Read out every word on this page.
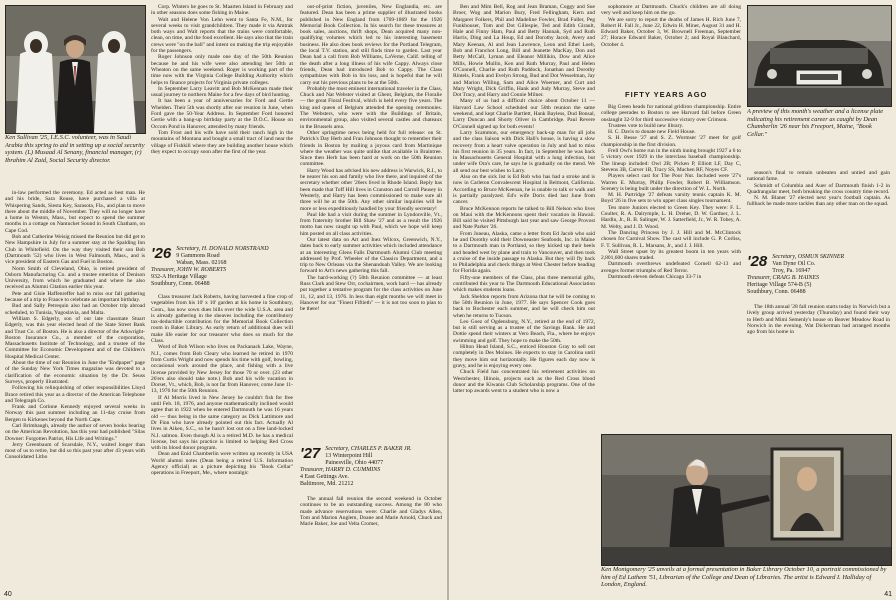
Ken Sullivan '25, I.E.S.C. volunteer, was in Saudi Arabia this spring to aid in setting up a social security system. (L) Musaad Al Senany, financial manager, (r) Ibrahim Al Zaid, Social Security director.

in-law performed the ceremony. Ed acted as best man. He and his bride, Sara Rouse, have purchased a villa at Whispering Sands, Siesta Key, Sarasota, Fla., and plan to move there about the middle of November. They will no longer have a home in Weston, Mass., but expect to spend the summer months in a cottage on Nantucket Sound in South Chatham, on Cape Cod.

Bob and Catherine Weisig missed the Reunion but did get to New Hampshire in July for a summer stay at the Spalding Inn Club in Whitefield. On the way they visited their son Bob (Dartmouth '52) who lives in West Falmouth, Mass., and is vice president of Eastern Gas and Fuel in Boston.

Norm Smith of Cleveland, Ohio, is retired president of Osborn Manufacturing Co. and a trustee emeritus of Denison University, from which he graduated and where he also received an Alumni Citation earlier this year.

Pete and Gisie Haffenreffer had to miss our fall gathering because of a trip to France to celebrate an important birthday.

Bud and Sally Petrequin also had an October trip abroad scheduled, to Tunisia, Yugoslavia, and Malta.

William S. Edgerly, son of our late classmate Stuart Edgerly, was this year elected head of the State Street Bank and Trust Co. of Boston. He is also a director of the Arkwright-Boston Insurance Co., a member of the corporation, Massachusetts Institute of Technology, and a trustee of the Committee for Economic Development and of the Children's Hospital Medical Center.

About the time of our Reunion in June the "Endpaper" page of the Sunday New York Times magazine was devoted to a clarification of the economic situation by the Dr. Seuss Surveys, properly illustrated.

Following his relinquishing of other responsibilities Lloyd Brace retired this year as a director of the American Telephone and Telegraph Co.

Frank and Corinne Kennedy enjoyed several weeks in Norway this past summer including an 11-day cruise from Bergen to Kirkenes beyond the North Cape.

Carl Brimbaugh, already the author of seven books bearing on the American Revolution, has this year had published "Silas Downer: Forgotten Patriot, His Life and Writings."

Jerry Greenbaum of Scarsdale, N.Y., waited longer than most of us to retire, but did so this past year after 43 years with Consolidated Litho

Corp. Winters he goes to St. Maarten Island in February and in other seasons does some fishing in Maine.

Walt and Helene Von Lehn went to Santa Fe, N.M., for several weeks to visit grandchildren. They made it via Amtrak both ways and Walt reports that the trains were comfortable, clean, on time, and the food excellent. He says also that the train crews were "on the ball" and intent on making the trip enjoyable for the passengers.

Roger Johnson only made one day of the 50th Reunion because he and his wife were also attending her 50th at Wheaton on the same weekend. Roger is working part of the time now with the Virginia College Building Authority which helps to finance projects for Virginia private colleges.

In September Larry Leavitt and Bob McKennan made their usual journey to northern Maine for a few days of bird hunting.

It has been a year of anniversaries for Ford and Gertie Whelden. Their 5th was shortly after our reunion in June, when Ford gave the 50-Year Address. In September Ford honored Gertie with a bang-up birthday party at the D.O.C. House on Occom Pond in Hanover, attended by many friends.

Tom Frost and his wife have sold their ranch high in the mountains of Montana and bought a small tract of land near the village of Fishkill where they are building another house which they expect to occupy soon after the first of the year.

'26 Secretary, H. DONALD NORSTRAND
9 Gammons Road
Waban, Mass. 02168
Treasurer, JOHN W. ROBERTS
932-A Heritage Village
Southbury, Conn. 06488

Class treasurer Jack Roberts, having harvested a fine crop of vegetables from his 10' x 10' garden at his home in Southbury, Conn., has now sown dues bills over the wide U.S.A. area and is already gathering in the sheaves including the contributory tax-deductible contribution for the Memorial Book Collection room in Baker Library. As early return of additional dues will make life easier for our treasurer who does so much for the Class.

Word of Bob Wilson who lives on Packanack Lake, Wayne, N.J., comes from Bob Cleary who learned he retired in 1970 from Curtis Wright and now spends his time with golf, bowling, occasional work around the place, and fishing with a live license provided by New Jersey for those 70 or over. (23 other 26'ers also should take note.) Bob and his wife vacation in Dorset, Vt., which, Bob, is not far from Hanover, come June 11-13, 1976 for the 50th Reunion.

If Al Morris lived in New Jersey he couldn't fish for free until Feb. 18, 1976, and anyone mathematically inclined would agree that in 1922 when he entered Dartmouth he was 16 years old — thus being in the same category as Dick Lattimore and Dr Finn who have already pointed out this fact. Actually Al lives in Aiken, S.C., so he hasn't lost out on a free land-locked N.J. salmon. Even though Al is a retired M.D. he has a medical license, but says his practice is limited to helping Red Cross with its blood donor program.

Dean and Enid Chamberlin were written up recently in USA World alumni notes (Dean being a retired U.S. Information Agency official) as a picture depicting his "Book Cellar" operations in Freeport, Me., where nostalgic

out-of-print fiction, juveniles, New Englandia, etc. are featured. Dean has been a prime supplier of illustrated books published in New England from 1769-1869 for the 1926 Memorial Book Collection. In his search for these treasures at book sales, auctions, thrift shops, Dean acquired many non-qualifying volumes which led to his interesting basement business. He also does book reviews for the Portland Telegram, the local T.V. station, and still finds time to garden. Last year Dean had a call from Bob Williams, LaVerne, Calif. telling of the death after a long illness of his wife Cappy. Always close friends, Dean had introduced Bob to Cappy. The Class sympathizes with Bob in his loss, and is hopeful that he will carry out his previous plans to be at the 50th.

Probably the most eminent international traveler in the Class, Chuck and Nat Webster visited at Ghent, Belgium, the Floralie — the great Floral Festival, which is held every five years. The king and queen of Belgium attended the opening ceremonies. The Websters, who were with the Buildings of Britain, environmental group, also visited several castles and chateaux in the Brussels area.

Other springtime news being held for full release: on St. Patrick's Day Herb and Fran Johnson thought to remember their friends in Boston by mailing a joyous card from Martinique where the weather was quite unlike that available in Braintree. Since then Herb has been hard at work on the 50th Reunion committee.

Harry Wood has advised his new address is Warwick, R.I., to be nearer his son and family who live there, and inquired of the secretary whether other '26ers lived in Rhode Island. Reply has been made that Toff Hill lives in Cranston and Carroll Pausey in Westerly, and Harry has been commissioned to make sure all three will be at the 50th. Any other similar inquiries will be more or less expeditiously handled by your friendly secretary!

Paul Ide had a visit during the summer in Lyndonville, Vt., from fraternity brother Bill Shaw '27 and as a result the 1926 motto has now caught up with Paul, which we hope will keep him posted on all class activities.

Our latest data on Art and Inez Wilcox, Greenwich, N.Y., dates back to early summer activities which included attendance at an interesting Glens Falls Dartmouth Alumni Club meeting addressed by Prof. Wheeler of the Classics Department, and a trip to New Orleans via the Shenandoah Valley. We are looking forward to Art's news gathering this fall.

The hard-working (?) 50th Reunion committee — at least Russ Clark and Stew Orr, cochairmen, work hard — has already put together a tentative program for the class activities on June 11, 12, and 13, 1976. In less than eight months we will meet in Hanover for our "Finest Fiftieth" — it is not too soon to plan to be there!

'27 Secretary, CHARLES P. BAKER JR.
13 Winterpoint Hill
Painesville, Ohio 44077
Treasurer, HARRY D. CUMMINS
4 East Gettings Ave.
Baltimore, Md. 21212

The annual fall reunion the second weekend in October continues to be an outstanding success. Among the 80 who made advance reservations were: Charlie and Gladys Allen, Tom and Marion Anglem, Doane and Marie Arnold, Chuck and Marie Baker, Joe and Velta Cromer,

40

Ben and Mim Bell, Rog and Jean Braman, Coggy and Sue Broer, Wog and Marion Bury, Fred Fellingham, Kern and Margaret Folkers, Phil and Madeline Fowler, Brad Fuller, Peg Funkhouser, Tom and Dot Gillespie, Ted and Edith Girault, Hale and Finny Ham, Paul and Betty Hannah, Syd and Ruth Harris, Ding and La Houp, Ed and Dorothy Jacob, Avery and Mary Keenan, Al and Jean Lawrence, Leon and Ethel Loeb, Bob and Franchot Long, Bill and Jeanette MacKay, Don and Betty McCall, Lyman and Eleanor Millikin, Dow and Alice Mills, Howie Mullin, Ken and Ruth Murray, Paul and Helen O'Connell, Charlie and Ruth Paddock, Jonathan and Dorothy Rintels, Frank and Evelyn Strong, Bud and Dot Wesselman, Jay and Marion Willing, Sam and Alice Woerner, and Curt and Mary Wright, Dick Griffin, Hank and Judy Murray, Steve and Dot Tracy, and Harry and Connie Milner.

Many of us had a difficult choice about October 11 — Harvard Law School scheduled our 50th reunion the same weekend, and kept Charlie Bartlett, Hank Bayless, Dud Bonsal, Larry Duncan and Shorty Oliver in Cambridge. Paul Revere O'Connell signed up for both events!

Larry Scammon, our emergency back-up man for all jobs and the class liaison with Dick Hall's house, is having a slow recovery from a heart valve operation in July and had to miss his first reunion in 35 years. In fact, in September he was back in Massachusetts General Hospital with a lung infection, but under wife Ora's care, he says he is gradually on the mend. We all send our best wishes to Larry.

Also on the sick list is Ed Rob who has had a stroke and is now in Carleton Convalescent Hospital in Belmont, California. According to Bruce McKeenan, he is unable to talk or walk and is partially paralyzed. Ed's wife Doris died last June from cancer.

Bruce McKennon reports he talked to Bill Nelson who lives on Maui with the McKennons spent their vacation in Hawaii. Bill said he visited Pittsburgh last year and saw George Provost and Nate Parker '26.

From Juneau, Alaska, came a letter from Ed Jacob who said he and Dorothy sold their Downeaster Seafoods, Inc. in Maine to a Dartmouth man in Portland, so they kicked up their heels and headed west by plane and train to Vancouver, and then took a cruise of the inside passage to Alaska. But they will fly back to Philadelphia and check things at West Chester before heading for Florida again.

Fifty-one members of the Class, plus three memorial gifts, contributed this year to The Dartmouth Educational Association which makes students loans.

Jack Sheldon reports from Arizona that he will be coming to the 50th Reunion in June, 1977. He says Spencer Cook goes back to Rochester each summer, and he will check him out when he returns to Tucson.

Leo Goez of Ogdensburg, N.Y., retired at the end of 1972, but is still serving as a trustee of the Savings Bank. He and Dottie spend their winters at Vero Beach, Fla., where he enjoys swimming and golf. They hope to make the 50th.

Hilton Head Island, S.C., enticed Houston Gray to sell out completely in Des Moines. He expects to stay in Carolina until they move him out horizontally. He figures each day now is gravy, and he is enjoying every one.

Chuck Field has concentrated his retirement activities on Westchester, Illinois, projects such as the Red Cross blood donor and the Kiwanis Club Scholarship programs. One of the latter top awards went to a student who is now a

sophomore at Dartmouth. Chuck's children are all doing very well and keep him on the go.

We are sorry to report the deaths of James H. Rich June 7, Robert H. Fall Jr., June 22, Edwin H. Miner, August 31 and H. Edward Baker, October 3, W. Brownell Freeman, September 27; Horace Edward Baker, October 2; and Royal Blanchard, October 4.

FIFTY YEARS AGO

Big Green heads for national gridiron championship. Entire college peerades to Boston to see Harvard fall before Green onslaught 32-9 for third successive victory over Crimson.

Trustees vote to build new library.

H. C. Davis to donate new Field House.

S. H. Besse '27 and S. Z. Wormser '27 meet for golf championship in the first division.

Frell Owl's home run in the ninth inning brought 1927 a 6 to 5 victory over 1929 in the interclass baseball championship. The lineup included: Owl 2B; Picken P, Elliott LF, Day C, Stevens 3B, Carver 1B, Tracy SS, Machen RF, Noyes CF.

Players select cast for The Poor Nut. Included were '27's Warren E. Murray, Philip Fowler, Robert B. Williamson. Scenery is being built under the direction of W. L. North.

M. H. Partridge '27 defeats varsity tennis captain K. M. Boyd '26 in five sets to win upper class singles tournament.

Ten more Juniors elected to Green Key. They were: F. L. Coulter, R. A. Dalrymple, L. H. Dreher, D. W. Gardner, J. L. Hardin, Jr., R. B. Salinger, W. J. Satterfield, Jr., W. R. Tobey, A. M. Welty, and J. D. Wood.

The Dancing Princess by J. J. Hill and M. McClintock chosen for Carnival Show. The cast will include G. P. Corliss, F. T. Sullivan, R. L. Marsans, Jr., and J. J. Hill.

Wall Street upset by its greatest boom in ten years with 2,801,600 shares traded.

Dartmouth overthrews undefeated Cornell 62-13 and avenges former triumphs of Red Terror.

Dartmouth eleven defeats Chicago 33-7 in

A preview of this month's weather and a license plate indicating his retirement career as caught by Dean Chamberlin '26 near his Freeport, Maine, "Book Cellar."

season's final to remain unbeaten and untied and gain national fame.

Schmidt of Columbia and Auer of Dartmouth finish 1-2 in Quadrangular meet, both breaking the cross country time record.

N. M. Blaner '27 elected next year's football captain. As fullback he made more tackles than any other man on the squad.

'28 Secretary, OSMUN SKINNER
Van Dyne Oil Co.
Troy, Pa. 16947
Treasurer, CRAIG B. HAINES
Heritage Village 574-B (5)
Southbury, Conn. 06488

The 18th annual '28 fall reunion starts today in Norwich but a lively group arrived yesterday (Thursday) and found their way to Herb and Mimi Semenly's house on Beaver Meadow Road in Norwich in the evening. Wat Dickerman had arranged months ago from his home in

Ken Montgomery '25 unveils at a formal presentation in Baker Library October 10, a portrait commissioned by him of Ed Lathem '51, Librarian of the College and Dean of Libraries. The artist is Edward I. Halliday of London, England.
41
